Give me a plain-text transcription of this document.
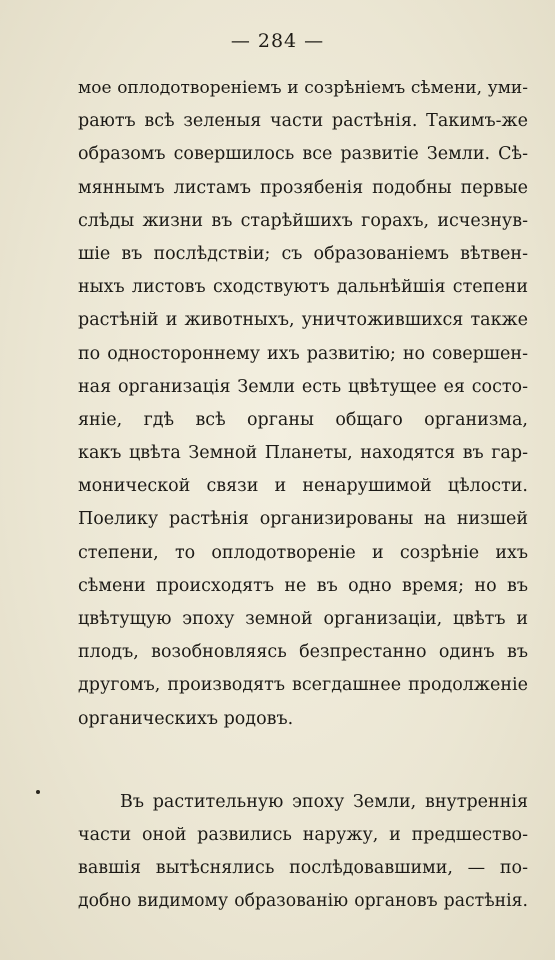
— 284 —
мое оплодотвореніемъ и созрѣніемъ сѣмени, уми-
раютъ всѣ зеленыя части растѣнія. Такимъ-же
образомъ совершилось все развитіе Земли. Сѣ-
мяннымъ листамъ прозябенія подобны первые
слѣды жизни въ старѣйшихъ горахъ, исчезнув-
шіе въ послѣдствіи; съ образованіемъ вѣтвен-
ныхъ листовъ сходствуютъ дальнѣйшія степени
растѣній и животныхъ, уничтожившихся также
по одностороннему ихъ развитію; но совершен-
ная организація Земли есть цвѣтущее ея состо-
яніе, гдѣ всѣ органы общаго организма,
какъ цвѣта Земной Планеты, находятся въ гар-
монической связи и ненарушимой цѣлости.
Поелику растѣнія организированы на низшей
степени, то оплодотвореніе и созрѣніе ихъ
сѣмени происходятъ не въ одно время; но въ
цвѣтущую эпоху земной организаціи, цвѣтъ и
плодъ, возобновляясь безпрестанно одинъ въ
другомъ, производятъ всегдашнее продолженіе
органическихъ родовъ.
Въ растительную эпоху Земли, внутреннія
части оной развились наружу, и предшество-
вавшія вытѣснялись послѣдовавшими, — по-
добно видимому образованію органовъ растѣнія.
